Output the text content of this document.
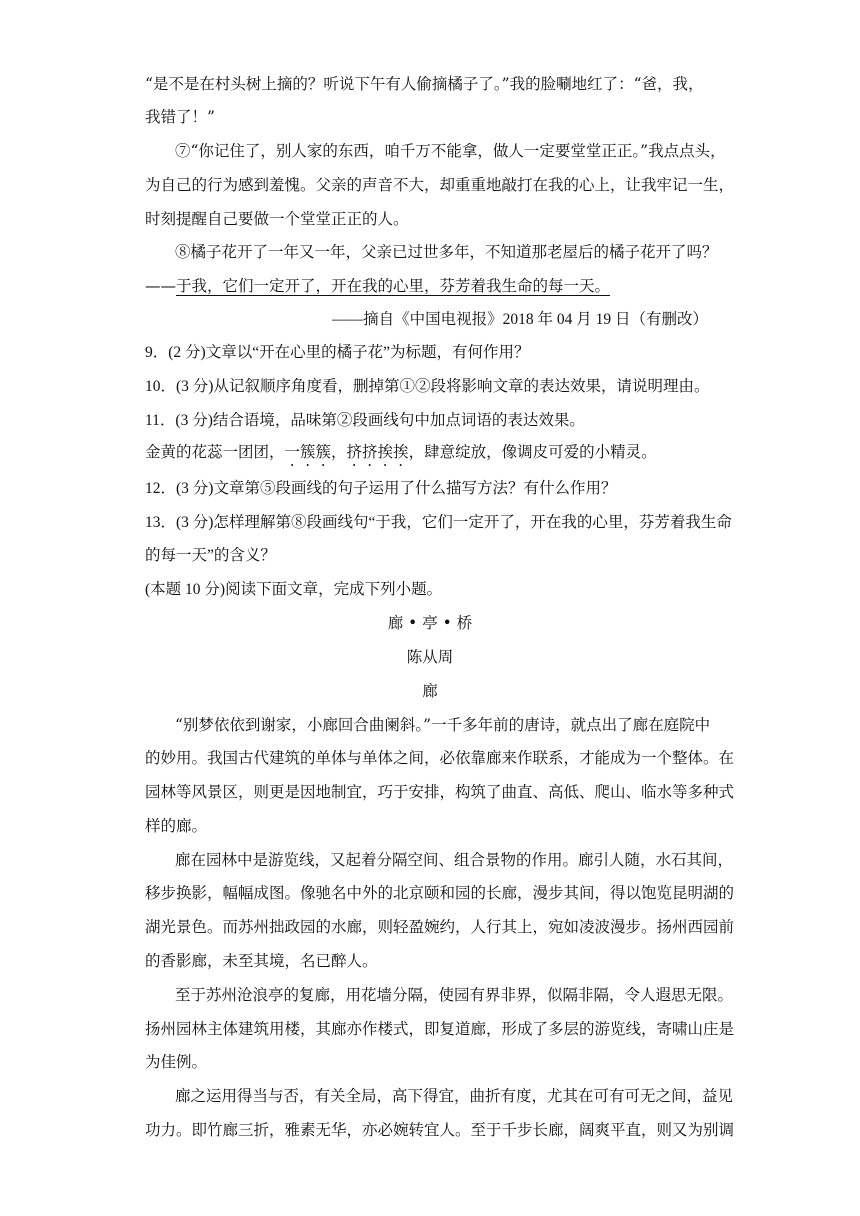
“是不是在村头树上摘的？听说下午有人偷摘橘子了。”我的脸唰地红了：“爸，我，
我错了！”
⑦“你记住了，别人家的东西，咱千万不能拿，做人一定要堂堂正正。”我点点头，
为自己的行为感到羞愧。父亲的声音不大，却重重地敲打在我的心上，让我牢记一生，
时刻提醒自己要做一个堂堂正正的人。
⑧橘子花开了一年又一年，父亲已过世多年，不知道那老屋后的橘子花开了吗？
——于我，它们一定开了，开在我的心里，芬芳着我生命的每一天。
——摘自《中国电视报》2018 年 04 月 19 日（有删改）
9．(2 分)文章以“开在心里的橘子花”为标题，有何作用？
10．(3 分)从记叙顺序角度看，删掉第①②段将影响文章的表达效果，请说明理由。
11．(3 分)结合语境，品味第②段画线句中加点词语的表达效果。
金黄的花蕊一团团，一簇簇，挤挤挨挨，肆意绽放，像调皮可爱的小精灵。
12．(3 分)文章第⑤段画线的句子运用了什么描写方法？有什么作用？
13．(3 分)怎样理解第⑧段画线句“于我，它们一定开了，开在我的心里，芬芳着我生命
的每一天”的含义？
(本题 10 分)阅读下面文章，完成下列小题。
廊 • 亭 • 桥
陈从周
廊
“别梦依依到谢家，小廊回合曲阑斜。”一千多年前的唐诗，就点出了廊在庭院中
的妙用。我国古代建筑的单体与单体之间，必依靠廊来作联系，才能成为一个整体。在
园林等风景区，则更是因地制宜，巧于安排，构筑了曲直、高低、爬山、临水等多种式
样的廊。
廊在园林中是游览线，又起着分隔空间、组合景物的作用。廊引人随，水石其间，
移步换影，幅幅成图。像驰名中外的北京颐和园的长廊，漫步其间，得以饱览昆明湖的
湖光景色。而苏州拙政园的水廊，则轻盈婉约，人行其上，宛如凌波漫步。扬州西园前
的香影廊，未至其境，名已醉人。
至于苏州沧浪亭的复廊，用花墙分隔，使园有界非界，似隔非隔，令人遐思无限。
扬州园林主体建筑用楼，其廊亦作楼式，即复道廊，形成了多层的游览线，寄啸山庄是
为佳例。
廊之运用得当与否，有关全局，高下得宜，曲折有度，尤其在可有可无之间，益见
功力。即竹廊三折，雅素无华，亦必婉转宜人。至于千步长廊，阔爽平直，则又为别调
